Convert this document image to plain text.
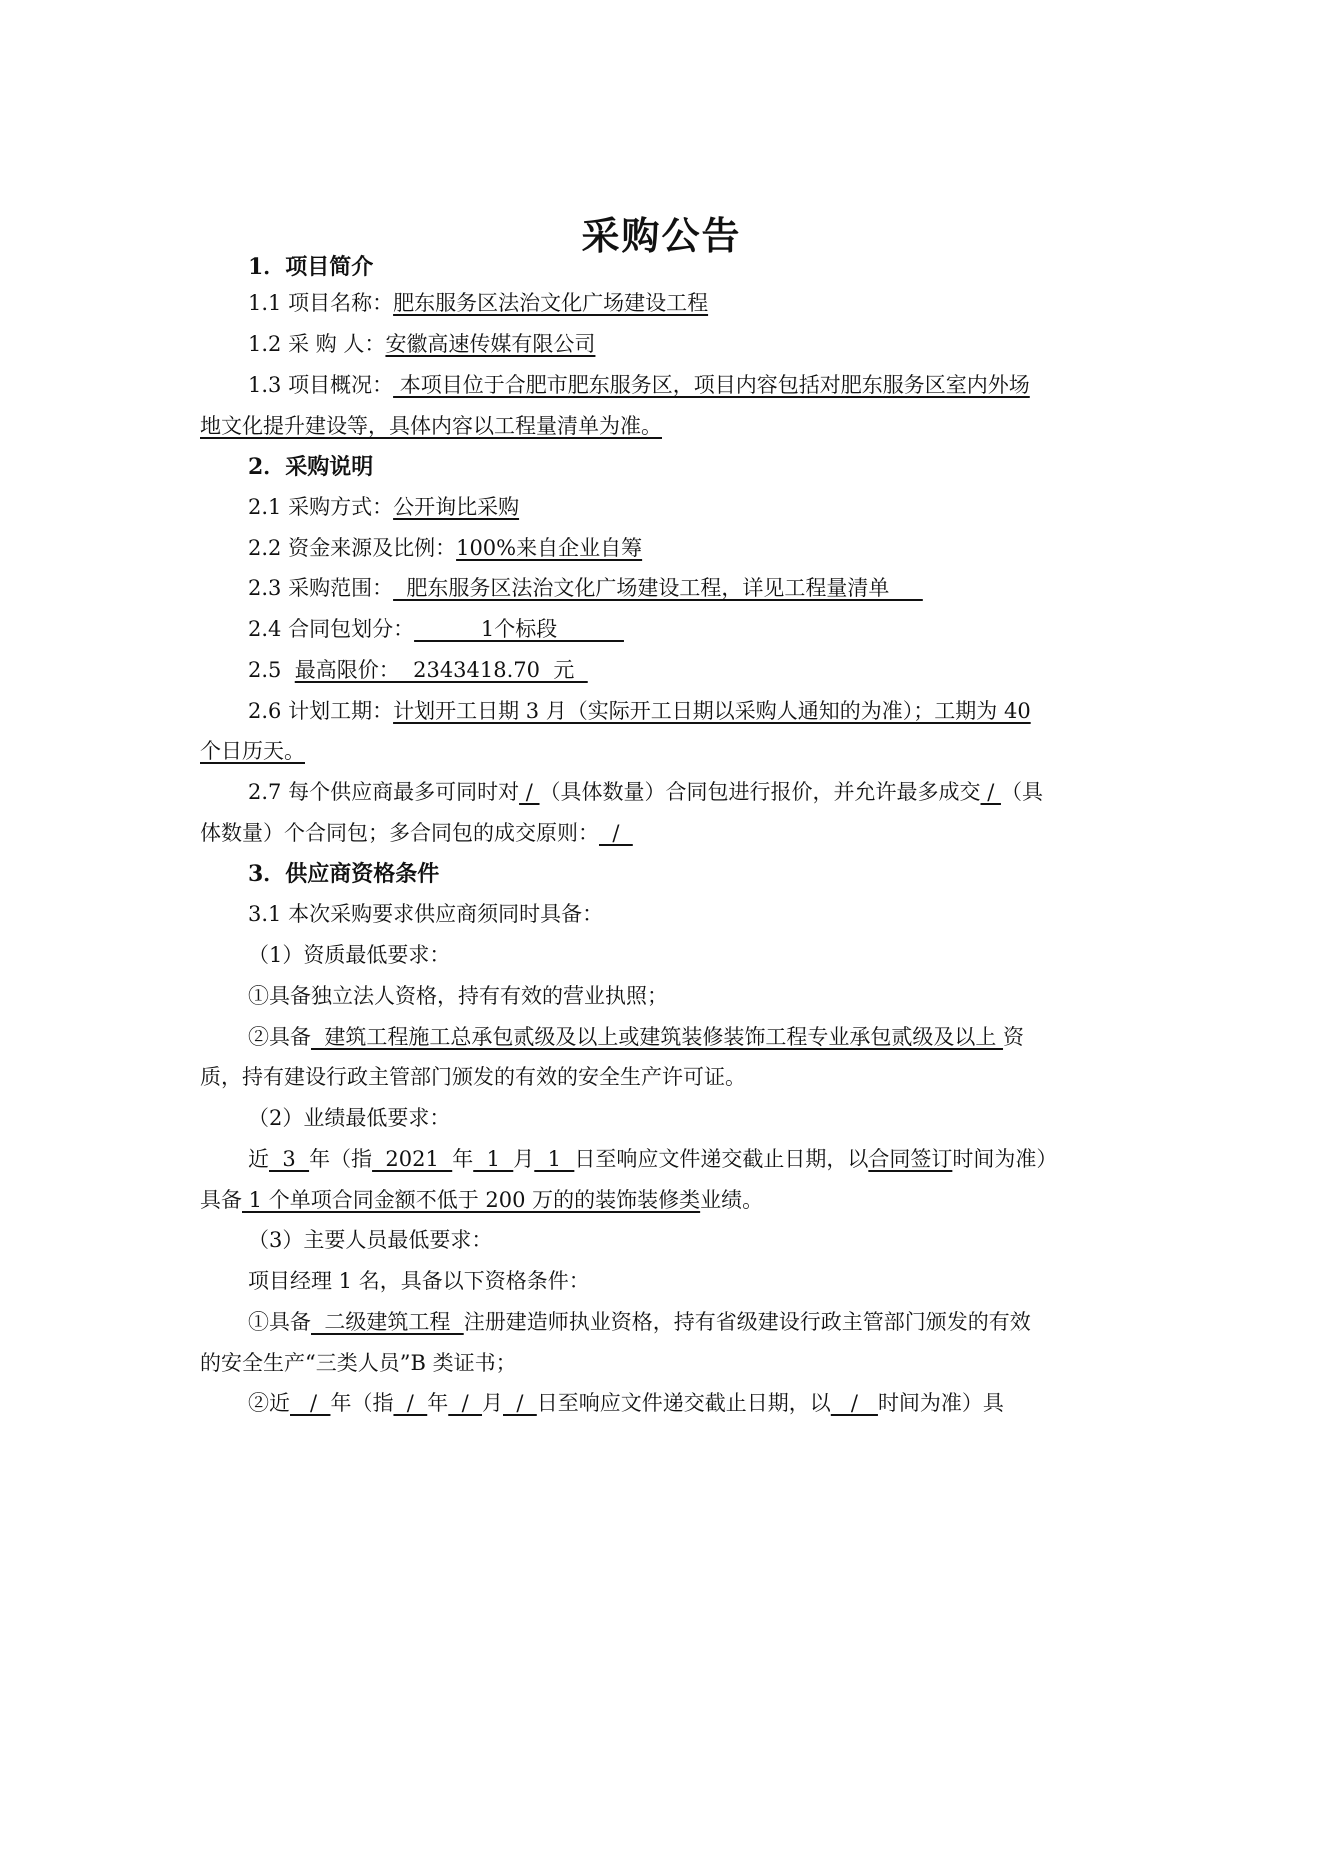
采购公告
1．项目简介
1.1 项目名称：肥东服务区法治文化广场建设工程
1.2 采 购 人：安徽高速传媒有限公司
1.3 项目概况： 本项目位于合肥市肥东服务区，项目内容包括对肥东服务区室内外场
地文化提升建设等，具体内容以工程量清单为准。
2．采购说明
2.1 采购方式：公开询比采购
2.2 资金来源及比例：100%来自企业自筹
2.3 采购范围：  肥东服务区法治文化广场建设工程，详见工程量清单
2.4 合同包划分：          1个标段
2.5  最高限价：  2343418.70  元
2.6 计划工期：计划开工日期 3 月（实际开工日期以采购人通知的为准）；工期为 40
个日历天。
2.7 每个供应商最多可同时对 / （具体数量）合同包进行报价，并允许最多成交 / （具
体数量）个合同包；多合同包的成交原则：  /
3．供应商资格条件
3.1 本次采购要求供应商须同时具备：
（1）资质最低要求：
①具备独立法人资格，持有有效的营业执照；
②具备  建筑工程施工总承包贰级及以上或建筑装修装饰工程专业承包贰级及以上 资
质，持有建设行政主管部门颁发的有效的安全生产许可证。
（2）业绩最低要求：
近  3  年（指  2021  年  1  月  1  日至响应文件递交截止日期，以合同签订时间为准）
具备 1 个单项合同金额不低于 200 万的的装饰装修类业绩。
（3）主要人员最低要求：
项目经理 1 名，具备以下资格条件：
①具备  二级建筑工程  注册建造师执业资格，持有省级建设行政主管部门颁发的有效
的安全生产“三类人员”B 类证书；
②近   /  年（指  /  年  /  月  /  日至响应文件递交截止日期，以   /   时间为准）具
